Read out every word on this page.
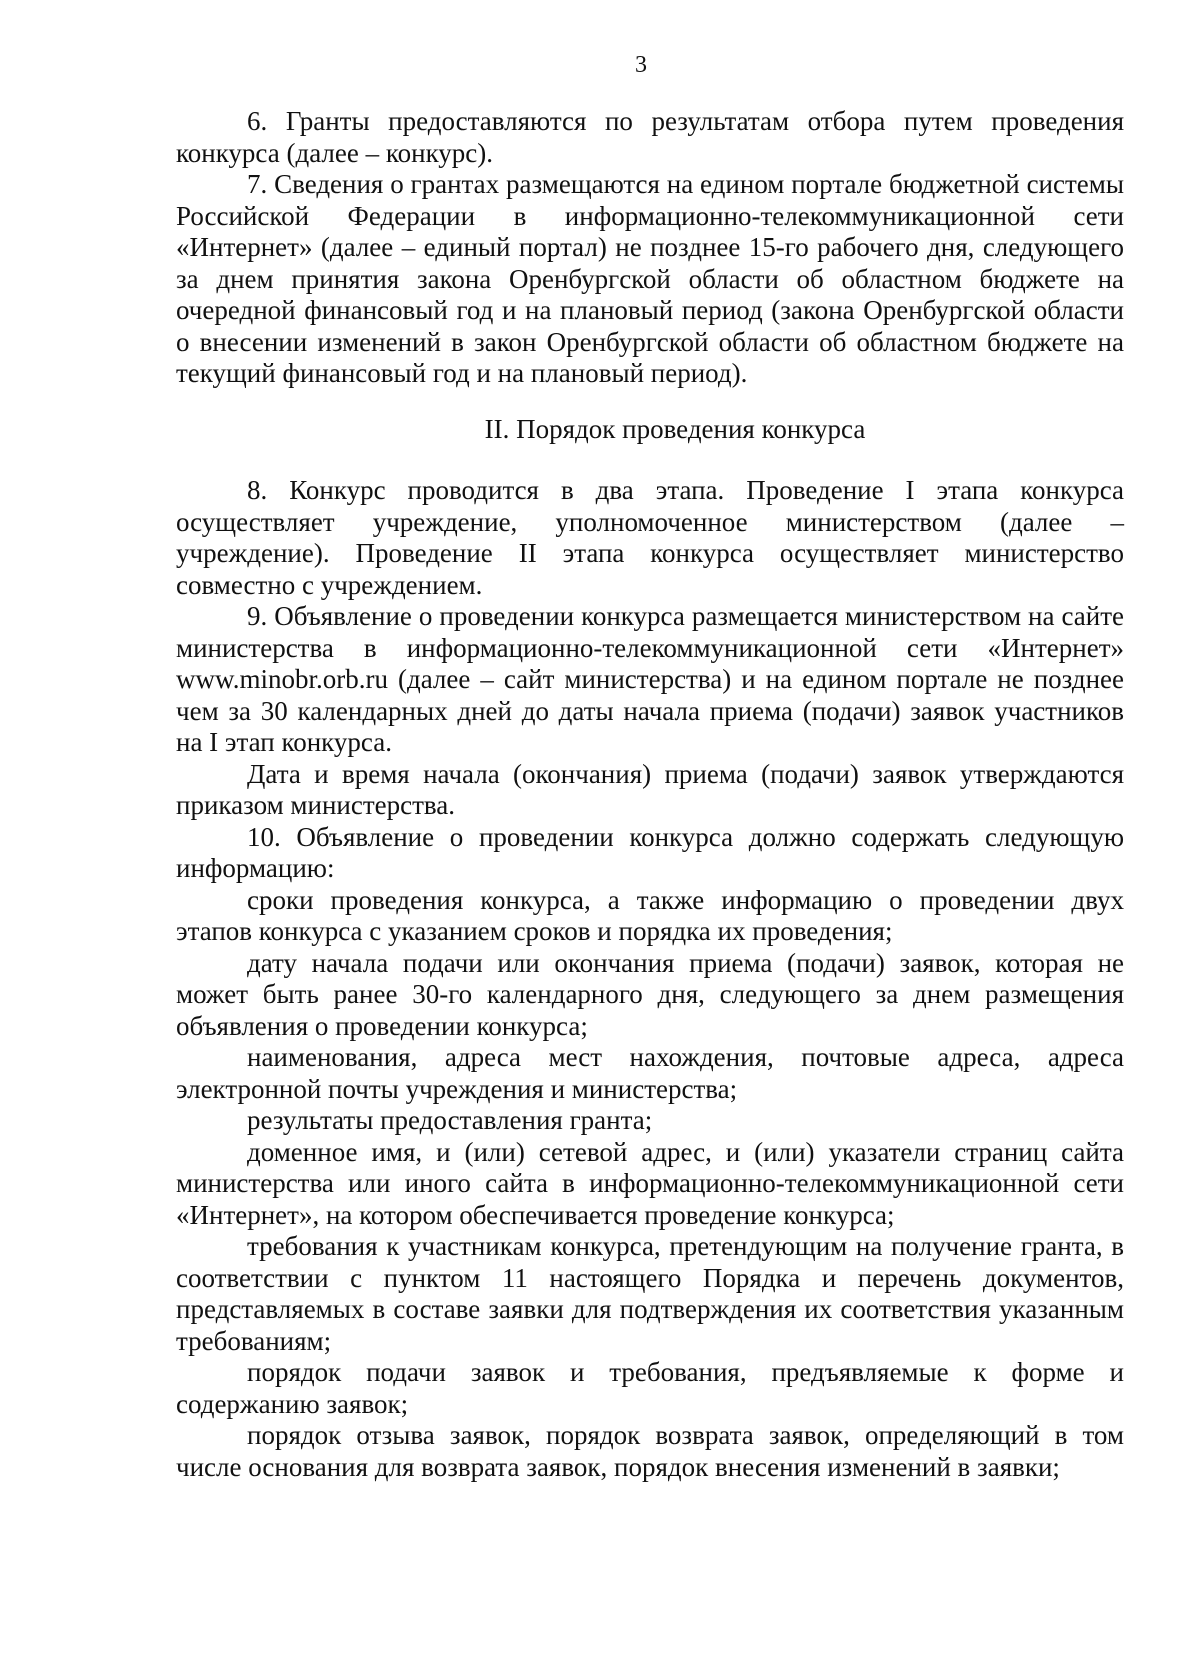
3

6. Гранты предоставляются по результатам отбора путем проведения конкурса (далее – конкурс).

7. Сведения о грантах размещаются на едином портале бюджетной системы Российской Федерации в информационно-телекоммуникационной сети «Интернет» (далее – единый портал) не позднее 15-го рабочего дня, следующего за днем принятия закона Оренбургской области об областном бюджете на очередной финансовый год и на плановый период (закона Оренбургской области о внесении изменений в закон Оренбургской области об областном бюджете на текущий финансовый год и на плановый период).

II. Порядок проведения конкурса

8. Конкурс проводится в два этапа. Проведение I этапа конкурса осуществляет учреждение, уполномоченное министерством (далее – учреждение). Проведение II этапа конкурса осуществляет министерство совместно с учреждением.

9. Объявление о проведении конкурса размещается министерством на сайте министерства в информационно-телекоммуникационной сети «Интернет» www.minobr.orb.ru (далее – сайт министерства) и на едином портале не позднее чем за 30 календарных дней до даты начала приема (подачи) заявок участников на I этап конкурса.

Дата и время начала (окончания) приема (подачи) заявок утверждаются приказом министерства.

10. Объявление о проведении конкурса должно содержать следующую информацию:

сроки проведения конкурса, а также информацию о проведении двух этапов конкурса с указанием сроков и порядка их проведения;

дату начала подачи или окончания приема (подачи) заявок, которая не может быть ранее 30-го календарного дня, следующего за днем размещения объявления о проведении конкурса;

наименования, адреса мест нахождения, почтовые адреса, адреса электронной почты учреждения и министерства;

результаты предоставления гранта;

доменное имя, и (или) сетевой адрес, и (или) указатели страниц сайта министерства или иного сайта в информационно-телекоммуникационной сети «Интернет», на котором обеспечивается проведение конкурса;

требования к участникам конкурса, претендующим на получение гранта, в соответствии с пунктом 11 настоящего Порядка и перечень документов, представляемых в составе заявки для подтверждения их соответствия указанным требованиям;

порядок подачи заявок и требования, предъявляемые к форме и содержанию заявок;

порядок отзыва заявок, порядок возврата заявок, определяющий в том числе основания для возврата заявок, порядок внесения изменений в заявки;
